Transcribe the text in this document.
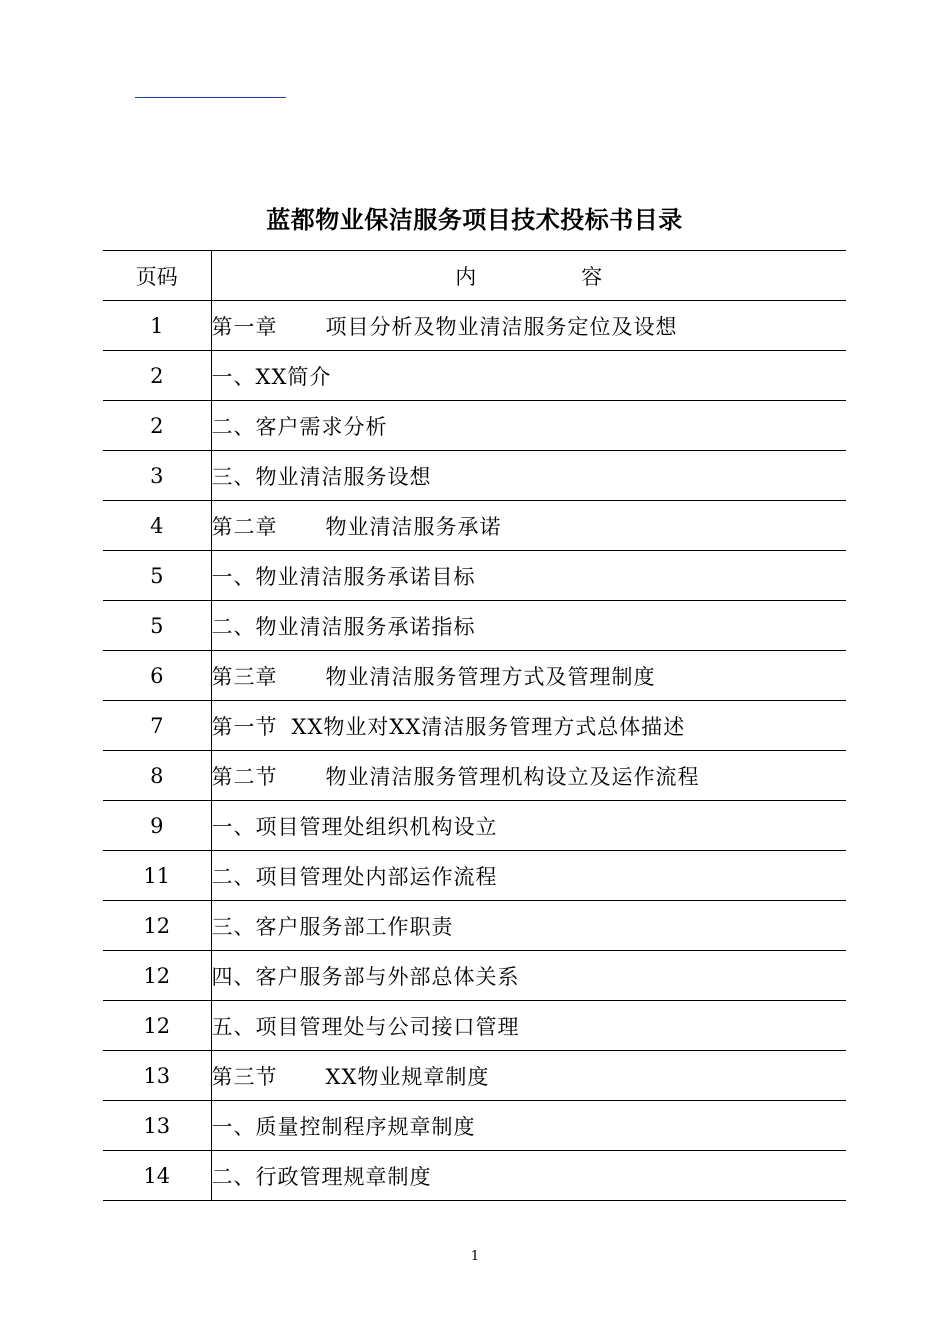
蓝都物业保洁服务项目技术投标书目录
页码	内 容
1	第一章 项目分析及物业清洁服务定位及设想
2	一、XX简介
2	二、客户需求分析
3	三、物业清洁服务设想
4	第二章 物业清洁服务承诺
5	一、物业清洁服务承诺目标
5	二、物业清洁服务承诺指标
6	第三章 物业清洁服务管理方式及管理制度
7	第一节 XX物业对XX清洁服务管理方式总体描述
8	第二节 物业清洁服务管理机构设立及运作流程
9	一、项目管理处组织机构设立
11	二、项目管理处内部运作流程
12	三、客户服务部工作职责
12	四、客户服务部与外部总体关系
12	五、项目管理处与公司接口管理
13	第三节 XX物业规章制度
13	一、质量控制程序规章制度
14	二、行政管理规章制度
1
